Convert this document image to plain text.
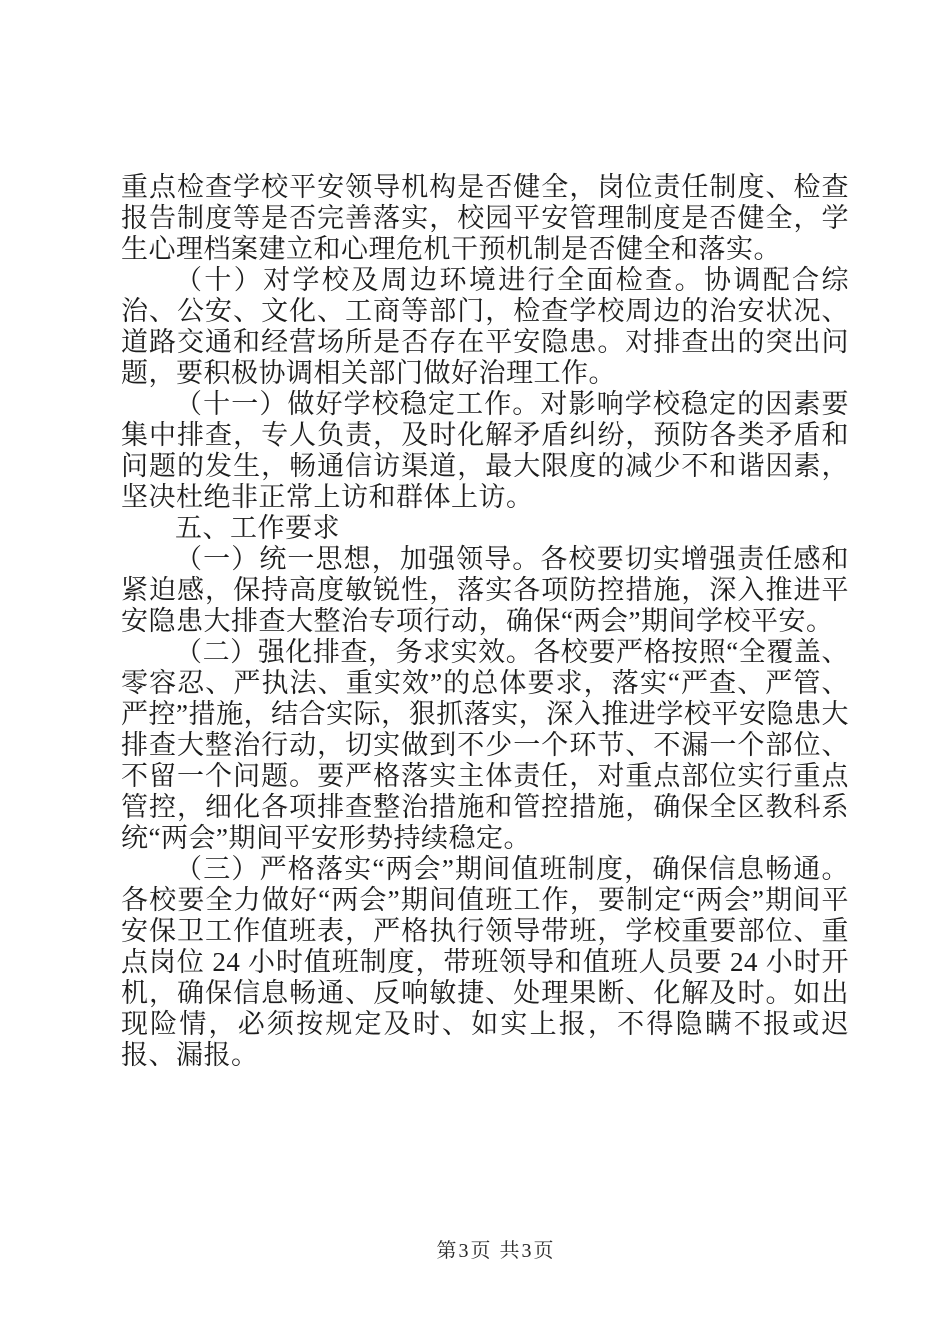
重点检查学校平安领导机构是否健全，岗位责任制度、检查报告制度等是否完善落实，校园平安管理制度是否健全，学生心理档案建立和心理危机干预机制是否健全和落实。

（十）对学校及周边环境进行全面检查。协调配合综治、公安、文化、工商等部门，检查学校周边的治安状况、道路交通和经营场所是否存在平安隐患。对排查出的突出问题，要积极协调相关部门做好治理工作。

（十一）做好学校稳定工作。对影响学校稳定的因素要集中排查，专人负责，及时化解矛盾纠纷，预防各类矛盾和问题的发生，畅通信访渠道，最大限度的减少不和谐因素，坚决杜绝非正常上访和群体上访。

五、工作要求

（一）统一思想，加强领导。各校要切实增强责任感和紧迫感，保持高度敏锐性，落实各项防控措施，深入推进平安隐患大排查大整治专项行动，确保“两会”期间学校平安。

（二）强化排查，务求实效。各校要严格按照“全覆盖、零容忍、严执法、重实效”的总体要求，落实“严查、严管、严控”措施，结合实际，狠抓落实，深入推进学校平安隐患大排查大整治行动，切实做到不少一个环节、不漏一个部位、不留一个问题。要严格落实主体责任，对重点部位实行重点管控，细化各项排查整治措施和管控措施，确保全区教科系统“两会”期间平安形势持续稳定。

（三）严格落实“两会”期间值班制度，确保信息畅通。各校要全力做好“两会”期间值班工作，要制定“两会”期间平安保卫工作值班表，严格执行领导带班，学校重要部位、重点岗位 24 小时值班制度，带班领导和值班人员要 24 小时开机，确保信息畅通、反响敏捷、处理果断、化解及时。如出现险情，必须按规定及时、如实上报，不得隐瞒不报或迟报、漏报。

第3页 共3页
